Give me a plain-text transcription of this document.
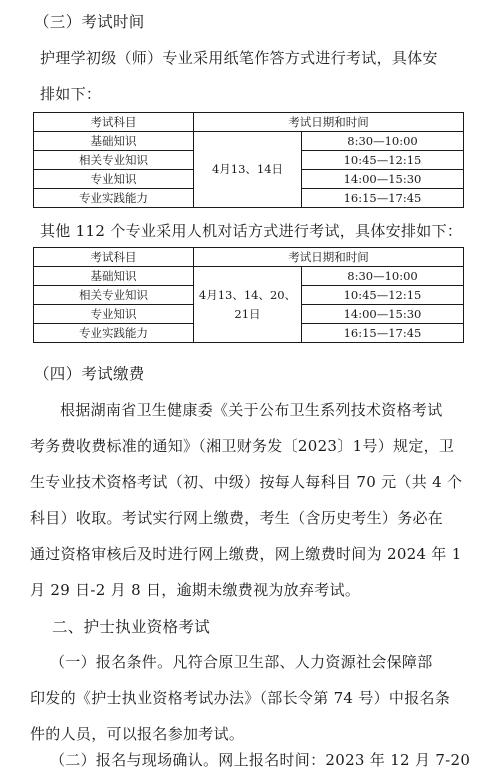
（三）考试时间
护理学初级（师）专业采用纸笔作答方式进行考试，具体安
排如下：
考试科目	考试日期和时间	
基础知识	4月13、14日	8:30—10:00
相关专业知识		10:45—12:15
专业知识		14:00—15:30
专业实践能力		16:15—17:45
其他 112 个专业采用人机对话方式进行考试，具体安排如下：
考试科目	考试日期和时间	
基础知识	4月13、14、20、
21日	8:30—10:00
相关专业知识		10:45—12:15
专业知识		14:00—15:30
专业实践能力		16:15—17:45
（四）考试缴费
根据湖南省卫生健康委《关于公布卫生系列技术资格考试
考务费收费标准的通知》（湘卫财务发〔2023〕1号）规定，卫
生专业技术资格考试（初、中级）按每人每科目 70 元（共 4 个
科目）收取。考试实行网上缴费，考生（含历史考生）务必在
通过资格审核后及时进行网上缴费，网上缴费时间为 2024 年 1
月 29 日-2 月 8 日，逾期未缴费视为放弃考试。
二、护士执业资格考试
（一）报名条件。凡符合原卫生部、人力资源社会保障部
印发的《护士执业资格考试办法》（部长令第 74 号）中报名条
件的人员，可以报名参加考试。
（二）报名与现场确认。网上报名时间：2023 年 12 月 7-20
